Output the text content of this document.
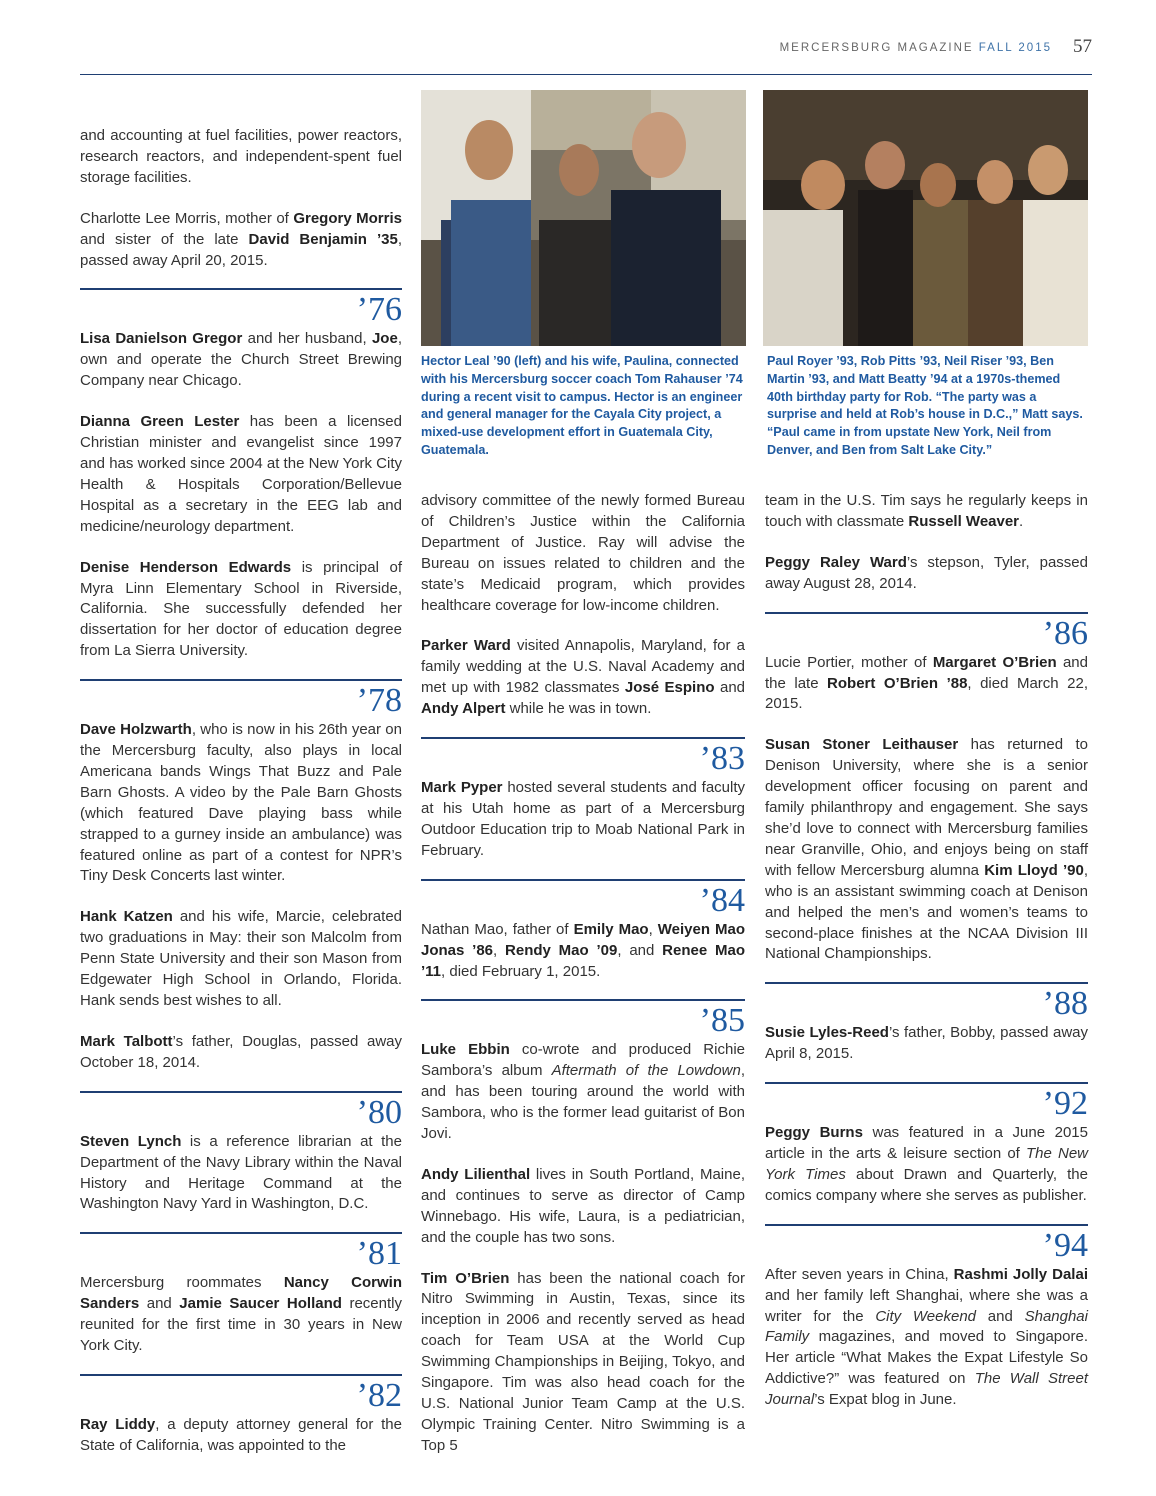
MERCERSBURG MAGAZINE FALL 2015 57

and accounting at fuel facilities, power reactors, research reactors, and independent-spent fuel storage facilities.

Charlotte Lee Morris, mother of Gregory Morris and sister of the late David Benjamin ’35, passed away April 20, 2015.

’76

Lisa Danielson Gregor and her husband, Joe, own and operate the Church Street Brewing Company near Chicago.

Dianna Green Lester has been a licensed Christian minister and evangelist since 1997 and has worked since 2004 at the New York City Health & Hospitals Corporation/Bellevue Hospital as a secretary in the EEG lab and medicine/neurology department.

Denise Henderson Edwards is principal of Myra Linn Elementary School in Riverside, California. She successfully defended her dissertation for her doctor of education degree from La Sierra University.

’78

Dave Holzwarth, who is now in his 26th year on the Mercersburg faculty, also plays in local Americana bands Wings That Buzz and Pale Barn Ghosts. A video by the Pale Barn Ghosts (which featured Dave playing bass while strapped to a gurney inside an ambulance) was featured online as part of a contest for NPR’s Tiny Desk Concerts last winter.

Hank Katzen and his wife, Marcie, celebrated two graduations in May: their son Malcolm from Penn State University and their son Mason from Edgewater High School in Orlando, Florida. Hank sends best wishes to all.

Mark Talbott’s father, Douglas, passed away October 18, 2014.

’80

Steven Lynch is a reference librarian at the Department of the Navy Library within the Naval History and Heritage Command at the Washington Navy Yard in Washington, D.C.

’81

Mercersburg roommates Nancy Corwin Sanders and Jamie Saucer Holland recently reunited for the first time in 30 years in New York City.

’82

Ray Liddy, a deputy attorney general for the State of California, was appointed to the

Hector Leal ’90 (left) and his wife, Paulina, connected with his Mercersburg soccer coach Tom Rahauser ’74 during a recent visit to campus. Hector is an engineer and general manager for the Cayala City project, a mixed-use development effort in Guatemala City, Guatemala.
Paul Royer ’93, Rob Pitts ’93, Neil Riser ’93, Ben Martin ’93, and Matt Beatty ’94 at a 1970s-themed 40th birthday party for Rob. “The party was a surprise and held at Rob’s house in D.C.,” Matt says. “Paul came in from upstate New York, Neil from Denver, and Ben from Salt Lake City.”

advisory committee of the newly formed Bureau of Children’s Justice within the California Department of Justice. Ray will advise the Bureau on issues related to children and the state’s Medicaid program, which provides healthcare coverage for low-income children.

Parker Ward visited Annapolis, Maryland, for a family wedding at the U.S. Naval Academy and met up with 1982 classmates José Espino and Andy Alpert while he was in town.

’83

Mark Pyper hosted several students and faculty at his Utah home as part of a Mercersburg Outdoor Education trip to Moab National Park in February.

’84

Nathan Mao, father of Emily Mao, Weiyen Mao Jonas ’86, Rendy Mao ’09, and Renee Mao ’11, died February 1, 2015.

’85

Luke Ebbin co-wrote and produced Richie Sambora’s album Aftermath of the Lowdown, and has been touring around the world with Sambora, who is the former lead guitarist of Bon Jovi.

Andy Lilienthal lives in South Portland, Maine, and continues to serve as director of Camp Winnebago. His wife, Laura, is a pediatrician, and the couple has two sons.

Tim O’Brien has been the national coach for Nitro Swimming in Austin, Texas, since its inception in 2006 and recently served as head coach for Team USA at the World Cup Swimming Championships in Beijing, Tokyo, and Singapore. Tim was also head coach for the U.S. National Junior Team Camp at the U.S. Olympic Training Center. Nitro Swimming is a Top 5

team in the U.S. Tim says he regularly keeps in touch with classmate Russell Weaver.

Peggy Raley Ward’s stepson, Tyler, passed away August 28, 2014.

’86

Lucie Portier, mother of Margaret O’Brien and the late Robert O’Brien ’88, died March 22, 2015.

Susan Stoner Leithauser has returned to Denison University, where she is a senior development officer focusing on parent and family philanthropy and engagement. She says she’d love to connect with Mercersburg families near Granville, Ohio, and enjoys being on staff with fellow Mercersburg alumna Kim Lloyd ’90, who is an assistant swimming coach at Denison and helped the men’s and women’s teams to second-place finishes at the NCAA Division III National Championships.

’88

Susie Lyles-Reed’s father, Bobby, passed away April 8, 2015.

’92

Peggy Burns was featured in a June 2015 article in the arts & leisure section of The New York Times about Drawn and Quarterly, the comics company where she serves as publisher.

’94

After seven years in China, Rashmi Jolly Dalai and her family left Shanghai, where she was a writer for the City Weekend and Shanghai Family magazines, and moved to Singapore. Her article “What Makes the Expat Lifestyle So Addictive?” was featured on The Wall Street Journal’s Expat blog in June.
